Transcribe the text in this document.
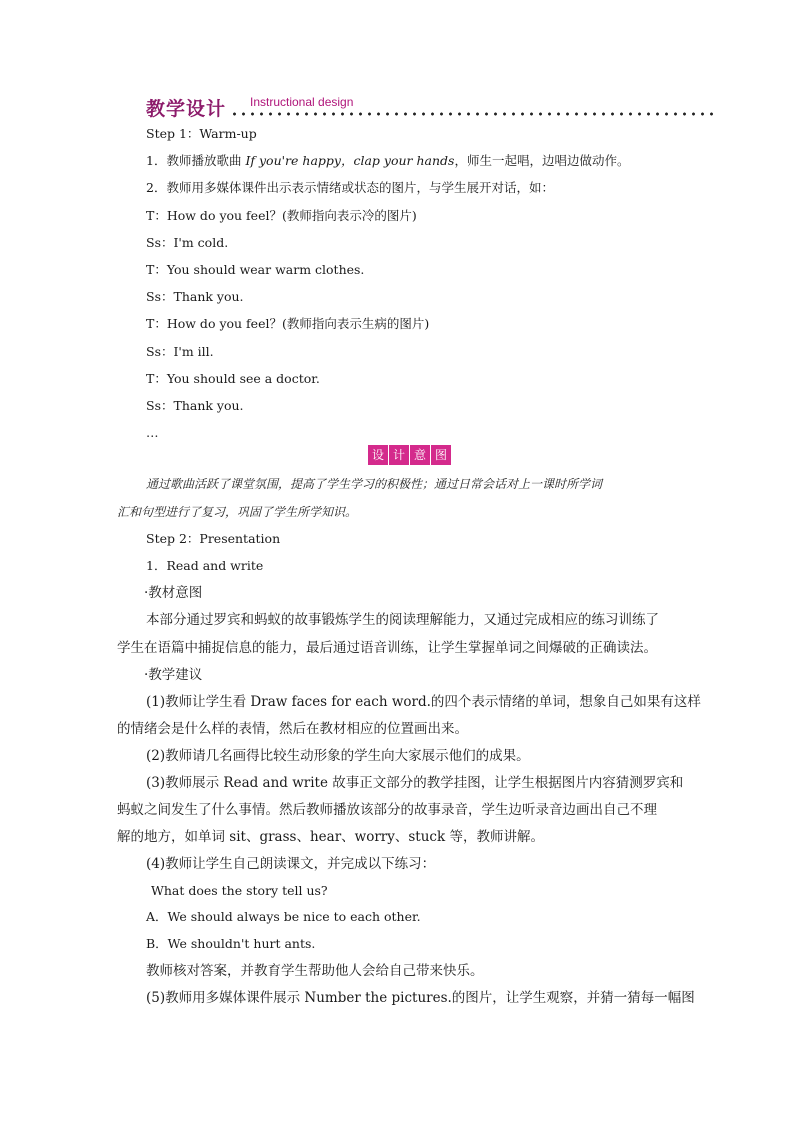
教学设计 Instructional design
Step 1：Warm-up
1．教师播放歌曲 If you're happy，clap your hands，师生一起唱，边唱边做动作。
2．教师用多媒体课件出示表示情绪或状态的图片，与学生展开对话，如：
T：How do you feel？(教师指向表示冷的图片)
Ss：I'm cold.
T：You should wear warm clothes.
Ss：Thank you.
T：How do you feel？(教师指向表示生病的图片)
Ss：I'm ill.
T：You should see a doctor.
Ss：Thank you.
…
设 计 意 图
通过歌曲活跃了课堂氛围，提高了学生学习的积极性；通过日常会话对上一课时所学词
汇和句型进行了复习，巩固了学生所学知识。
Step 2：Presentation
1．Read and write
·教材意图
本部分通过罗宾和蚂蚁的故事锻炼学生的阅读理解能力，又通过完成相应的练习训练了
学生在语篇中捕捉信息的能力，最后通过语音训练，让学生掌握单词之间爆破的正确读法。
·教学建议
(1)教师让学生看 Draw faces for each word.的四个表示情绪的单词，想象自己如果有这样
的情绪会是什么样的表情，然后在教材相应的位置画出来。
(2)教师请几名画得比较生动形象的学生向大家展示他们的成果。
(3)教师展示 Read and write 故事正文部分的教学挂图，让学生根据图片内容猜测罗宾和
蚂蚁之间发生了什么事情。然后教师播放该部分的故事录音，学生边听录音边画出自己不理
解的地方，如单词 sit、grass、hear、worry、stuck 等，教师讲解。
(4)教师让学生自己朗读课文，并完成以下练习：
What does the story tell us?
A．We should always be nice to each other.
B．We shouldn't hurt ants.
教师核对答案，并教育学生帮助他人会给自己带来快乐。
(5)教师用多媒体课件展示 Number the pictures.的图片，让学生观察，并猜一猜每一幅图
